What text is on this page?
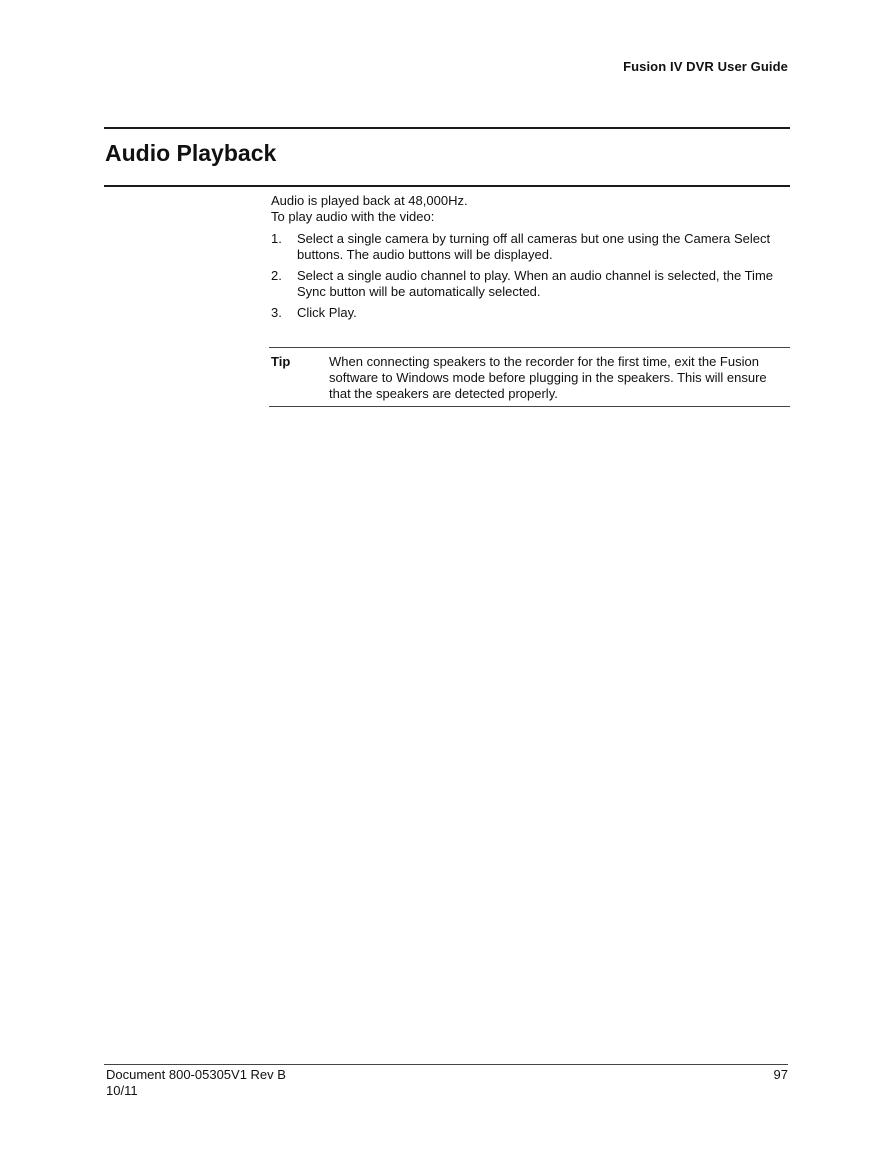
Fusion IV DVR User Guide
Audio Playback

Audio is played back at 48,000Hz.

To play audio with the video:

1. Select a single camera by turning off all cameras but one using the Camera Select buttons. The audio buttons will be displayed.
2. Select a single audio channel to play. When an audio channel is selected, the Time Sync button will be automatically selected.
3. Click Play.
Tip	When connecting speakers to the recorder for the first time, exit the Fusion software to Windows mode before plugging in the speakers. This will ensure that the speakers are detected properly.
Document 800-05305V1 Rev B
10/11
97
